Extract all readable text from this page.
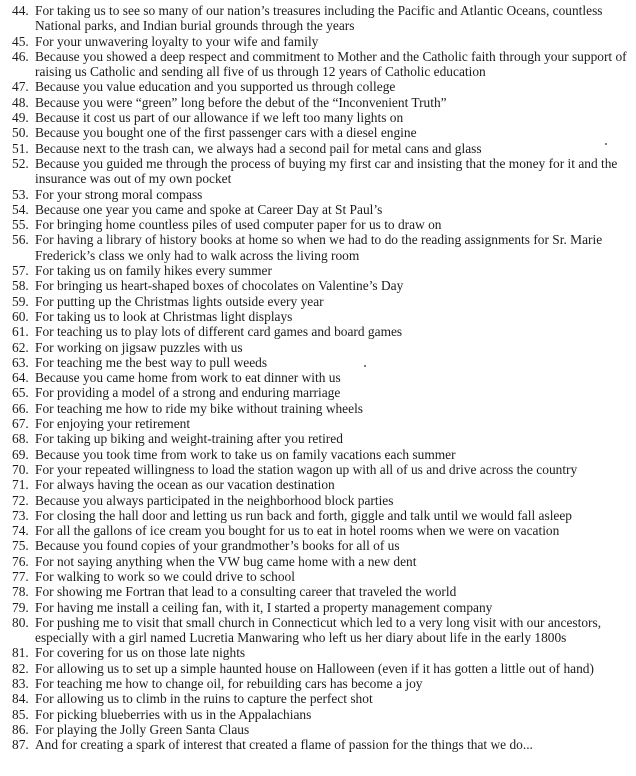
44. For taking us to see so many of our nation’s treasures including the Pacific and Atlantic Oceans, countless National parks, and Indian burial grounds through the years
45. For your unwavering loyalty to your wife and family
46. Because you showed a deep respect and commitment to Mother and the Catholic faith through your support of raising us Catholic and sending all five of us through 12 years of Catholic education
47. Because you value education and you supported us through college
48. Because you were “green” long before the debut of the “Inconvenient Truth”
49. Because it cost us part of our allowance if we left too many lights on
50. Because you bought one of the first passenger cars with a diesel engine
51. Because next to the trash can, we always had a second pail for metal cans and glass
52. Because you guided me through the process of buying my first car and insisting that the money for it and the insurance was out of my own pocket
53. For your strong moral compass
54. Because one year you came and spoke at Career Day at St Paul’s
55. For bringing home countless piles of used computer paper for us to draw on
56. For having a library of history books at home so when we had to do the reading assignments for Sr. Marie Frederick’s class we only had to walk across the living room
57. For taking us on family hikes every summer
58. For bringing us heart-shaped boxes of chocolates on Valentine’s Day
59. For putting up the Christmas lights outside every year
60. For taking us to look at Christmas light displays
61. For teaching us to play lots of different card games and board games
62. For working on jigsaw puzzles with us
63. For teaching me the best way to pull weeds
64. Because you came home from work to eat dinner with us
65. For providing a model of a strong and enduring marriage
66. For teaching me how to ride my bike without training wheels
67. For enjoying your retirement
68. For taking up biking and weight-training after you retired
69. Because you took time from work to take us on family vacations each summer
70. For your repeated willingness to load the station wagon up with all of us and drive across the country
71. For always having the ocean as our vacation destination
72. Because you always participated in the neighborhood block parties
73. For closing the hall door and letting us run back and forth, giggle and talk until we would fall asleep
74. For all the gallons of ice cream you bought for us to eat in hotel rooms when we were on vacation
75. Because you found copies of your grandmother’s books for all of us
76. For not saying anything when the VW bug came home with a new dent
77. For walking to work so we could drive to school
78. For showing me Fortran that lead to a consulting career that traveled the world
79. For having me install a ceiling fan, with it, I started a property management company
80. For pushing me to visit that small church in Connecticut which led to a very long visit with our ancestors, especially with a girl named Lucretia Manwaring who left us her diary about life in the early 1800s
81. For covering for us on those late nights
82. For allowing us to set up a simple haunted house on Halloween (even if it has gotten a little out of hand)
83. For teaching me how to change oil, for rebuilding cars has become a joy
84. For allowing us to climb in the ruins to capture the perfect shot
85. For picking blueberries with us in the Appalachians
86. For playing the Jolly Green Santa Claus
87. And for creating a spark of interest that created a flame of passion for the things that we do...
